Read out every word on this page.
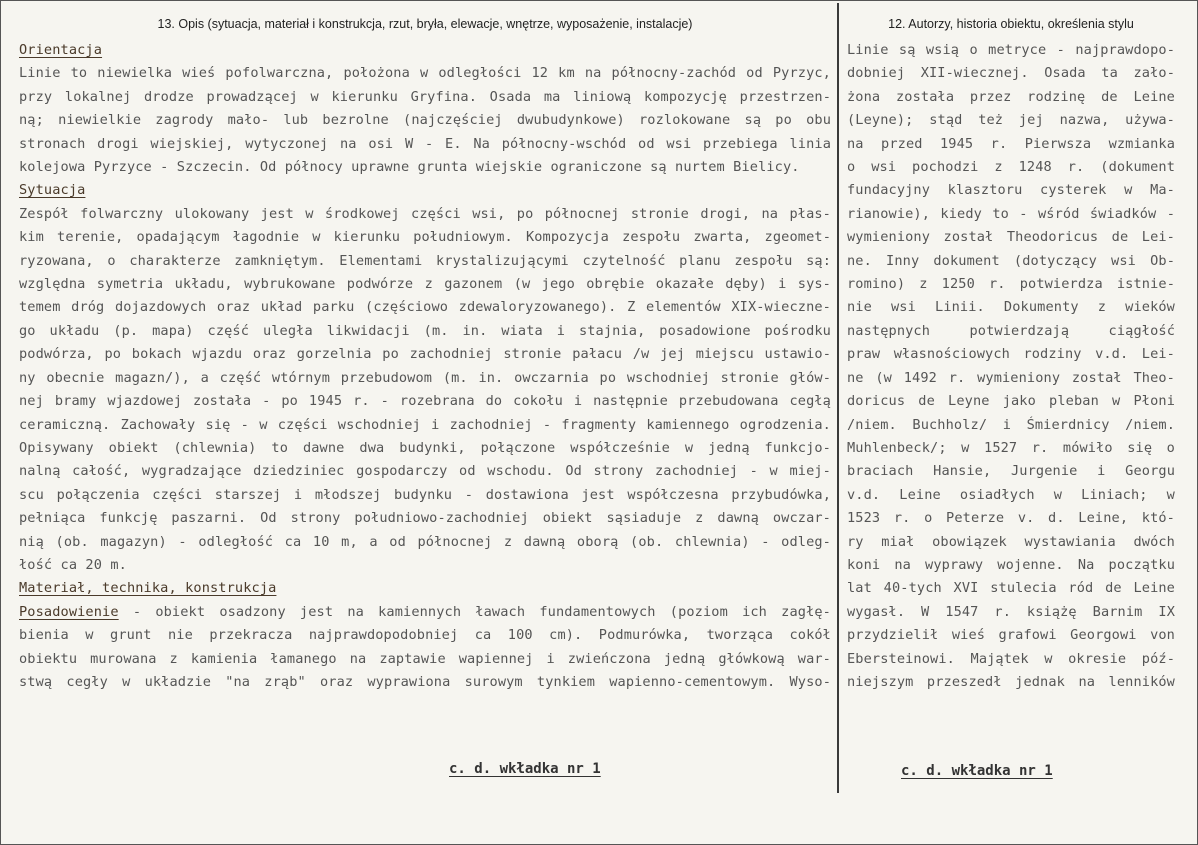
13. Opis (sytuacja, materiał i konstrukcja, rzut, bryła, elewacje, wnętrze, wyposażenie, instalacje)
Orientacja
Linie to niewielka wieś pofolwarczna, położona w odległości 12 km na północny-zachód od Pyrzyc,
przy lokalnej drodze prowadzącej w kierunku Gryfina. Osada ma liniową kompozycję przestrzen-
ną; niewielkie zagrody mało- lub bezrolne (najczęściej dwubudynkowe) rozlokowane są po obu
stronach drogi wiejskiej, wytyczonej na osi W - E. Na północny-wschód od wsi przebiega linia
kolejowa Pyrzyce - Szczecin. Od północy uprawne grunta wiejskie ograniczone są nurtem Bielicy.
Sytuacja
Zespół folwarczny ulokowany jest w środkowej części wsi, po północnej stronie drogi, na płas-
kim terenie, opadającym łagodnie w kierunku południowym. Kompozycja zespołu zwarta, zgeomet-
ryzowana, o charakterze zamkniętym. Elementami krystalizującymi czytelność planu zespołu są:
względna symetria układu, wybrukowane podwórze z gazonem (w jego obrębie okazałe dęby) i sys-
temem dróg dojazdowych oraz układ parku (częściowo zdewaloryzowanego). Z elementów XIX-wieczne-
go układu (p. mapa) część uległa likwidacji (m. in. wiata i stajnia, posadowione pośrodku
podwórza, po bokach wjazdu oraz gorzelnia po zachodniej stronie pałacu /w jej miejscu ustawio-
ny obecnie magazn/), a część wtórnym przebudowom (m. in. owczarnia po wschodniej stronie głów-
nej bramy wjazdowej została - po 1945 r. - rozebrana do cokołu i następnie przebudowana cegłą
ceramiczną. Zachowały się - w części wschodniej i zachodniej - fragmenty kamiennego ogrodzenia.
Opisywany obiekt (chlewnia) to dawne dwa budynki, połączone współcześnie w jedną funkcjo-
nalną całość, wygradzające dziedziniec gospodarczy od wschodu. Od strony zachodniej - w miej-
scu połączenia części starszej i młodszej budynku - dostawiona jest współczesna przybudówka,
pełniąca funkcję paszarni. Od strony południowo-zachodniej obiekt sąsiaduje z dawną owczar-
nią (ob. magazyn) - odległość ca 10 m, a od północnej z dawną oborą (ob. chlewnia) - odleg-
łość ca 20 m.
Materiał, technika, konstrukcja
Posadowienie - obiekt osadzony jest na kamiennych ławach fundamentowych (poziom ich zagłę-
bienia w grunt nie przekracza najprawdopodobniej ca 100 cm). Podmurówka, tworząca cokół
obiektu murowana z kamienia łamanego na zaptawie wapiennej i zwieńczona jedną główkową war-
stwą cegły w układzie "na zrąb" oraz wyprawiona surowym tynkiem wapienno-cementowym. Wyso-
12. Autorzy, historia obiektu, określenia stylu
Linie są wsią o metryce - najprawdopo-
dobniej XII-wiecznej. Osada ta zało-
żona została przez rodzinę de Leine
(Leyne); stąd też jej nazwa, używa-
na przed 1945 r. Pierwsza wzmianka
o wsi pochodzi z 1248 r. (dokument
fundacyjny klasztoru cysterek w Ma-
rianowie), kiedy to - wśród świadków -
wymieniony został Theodoricus de Lei-
ne. Inny dokument (dotyczący wsi Ob-
romino) z 1250 r. potwierdza istnie-
nie wsi Linii. Dokumenty z wieków
następnych   potwierdzają   ciągłość
praw własnościowych rodziny v.d. Lei-
ne (w 1492 r. wymieniony został Theo-
doricus de Leyne jako pleban w Płoni
/niem. Buchholz/ i Śmierdnicy /niem.
Muhlenbeck/; w 1527 r. mówiło się o
braciach Hansie, Jurgenie i Georgu
v.d. Leine osiadłych w Liniach; w
1523 r. o Peterze v. d. Leine, któ-
ry miał obowiązek wystawiania dwóch
koni na wyprawy wojenne. Na początku
lat 40-tych XVI stulecia ród de Leine
wygasł. W 1547 r. książę Barnim IX
przydzielił wieś grafowi Georgowi von
Ebersteinowi. Majątek w okresie póź-
niejszym przeszedł jednak na lenników
c. d. wkładka nr 1	c. d. wkładka nr 1
